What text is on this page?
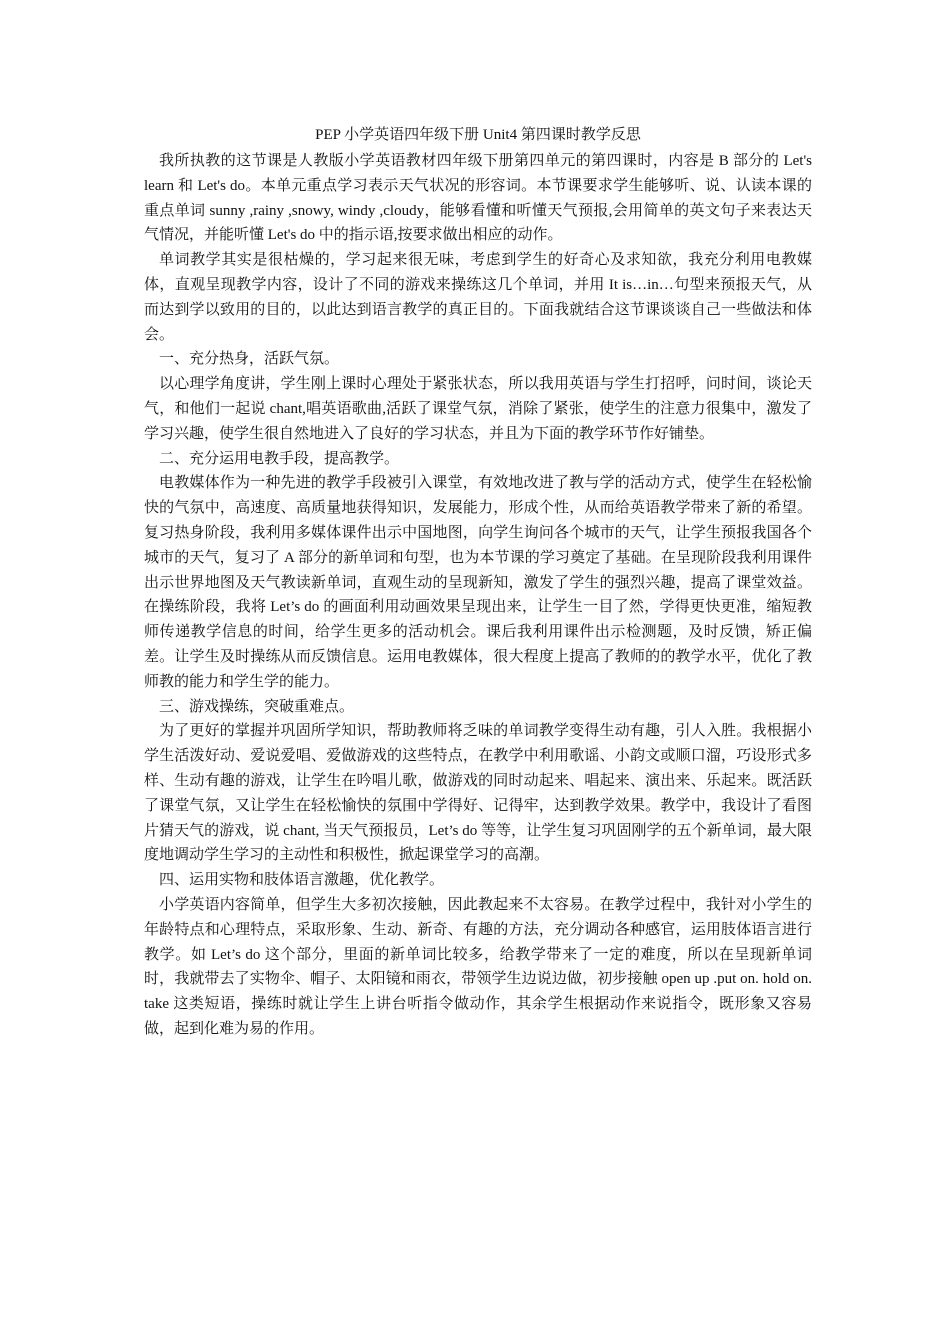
PEP 小学英语四年级下册 Unit4 第四课时教学反思

我所执教的这节课是人教版小学英语教材四年级下册第四单元的第四课时，内容是 B 部分的 Let's learn 和 Let's do。本单元重点学习表示天气状况的形容词。本节课要求学生能够听、说、认读本课的重点单词 sunny ,rainy ,snowy, windy ,cloudy，能够看懂和听懂天气预报,会用简单的英文句子来表达天气情况，并能听懂 Let's do 中的指示语,按要求做出相应的动作。

单词教学其实是很枯燥的，学习起来很无味，考虑到学生的好奇心及求知欲，我充分利用电教媒体，直观呈现教学内容，设计了不同的游戏来操练这几个单词，并用 It is…in…句型来预报天气，从而达到学以致用的目的，以此达到语言教学的真正目的。下面我就结合这节课谈谈自己一些做法和体会。

一、充分热身，活跃气氛。

以心理学角度讲，学生刚上课时心理处于紧张状态，所以我用英语与学生打招呼，问时间，谈论天气，和他们一起说 chant,唱英语歌曲,活跃了课堂气氛，消除了紧张，使学生的注意力很集中，激发了学习兴趣，使学生很自然地进入了良好的学习状态，并且为下面的教学环节作好铺垫。

二、充分运用电教手段，提高教学。

电教媒体作为一种先进的教学手段被引入课堂，有效地改进了教与学的活动方式，使学生在轻松愉快的气氛中，高速度、高质量地获得知识，发展能力，形成个性，从而给英语教学带来了新的希望。复习热身阶段，我利用多媒体课件出示中国地图，向学生询问各个城市的天气，让学生预报我国各个城市的天气，复习了 A 部分的新单词和句型，也为本节课的学习奠定了基础。在呈现阶段我利用课件出示世界地图及天气教读新单词，直观生动的呈现新知，激发了学生的强烈兴趣，提高了课堂效益。在操练阶段，我将 Let’s do 的画面利用动画效果呈现出来，让学生一目了然，学得更快更准，缩短教师传递教学信息的时间，给学生更多的活动机会。课后我利用课件出示检测题，及时反馈，矫正偏差。让学生及时操练从而反馈信息。运用电教媒体，很大程度上提高了教师的的教学水平，优化了教师教的能力和学生学的能力。

三、游戏操练，突破重难点。

为了更好的掌握并巩固所学知识，帮助教师将乏味的单词教学变得生动有趣，引人入胜。我根据小学生活泼好动、爱说爱唱、爱做游戏的这些特点，在教学中利用歌谣、小韵文或顺口溜，巧设形式多样、生动有趣的游戏，让学生在吟唱儿歌，做游戏的同时动起来、唱起来、演出来、乐起来。既活跃了课堂气氛，又让学生在轻松愉快的氛围中学得好、记得牢，达到教学效果。教学中，我设计了看图片猜天气的游戏，说 chant, 当天气预报员，Let’s do 等等，让学生复习巩固刚学的五个新单词，最大限度地调动学生学习的主动性和积极性，掀起课堂学习的高潮。

四、运用实物和肢体语言激趣，优化教学。

小学英语内容简单，但学生大多初次接触，因此教起来不太容易。在教学过程中，我针对小学生的年龄特点和心理特点，采取形象、生动、新奇、有趣的方法，充分调动各种感官，运用肢体语言进行教学。如 Let’s do 这个部分，里面的新单词比较多，给教学带来了一定的难度，所以在呈现新单词时，我就带去了实物伞、帽子、太阳镜和雨衣，带领学生边说边做，初步接触 open up .put on. hold on. take 这类短语，操练时就让学生上讲台听指令做动作，其余学生根据动作来说指令，既形象又容易做，起到化难为易的作用。
